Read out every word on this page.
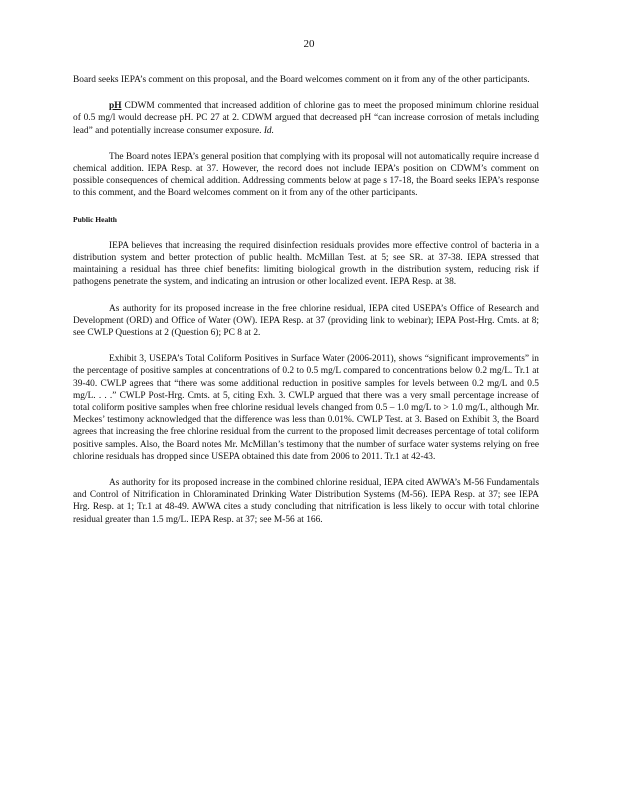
20

Board seeks IEPA’s comment on this proposal, and the Board welcomes comment on it from any of the other participants.

pH CDWM commented that increased addition of chlorine gas to meet the proposed minimum chlorine residual of 0.5 mg/l would decrease pH. PC 27 at 2. CDWM argued that decreased pH “can increase corrosion of metals including lead” and potentially increase consumer exposure. Id.

The Board notes IEPA’s general position that complying with its proposal will not automatically require increase d chemical addition. IEPA Resp. at 37. However, the record does not include IEPA’s position on CDWM’s comment on possible consequences of chemical addition. Addressing comments below at page s 17-18, the Board seeks IEPA’s response to this comment, and the Board welcomes comment on it from any of the other participants.

Public Health

IEPA believes that increasing the required disinfection residuals provides more effective control of bacteria in a distribution system and better protection of public health. McMillan Test. at 5; see SR. at 37-38. IEPA stressed that maintaining a residual has three chief benefits: limiting biological growth in the distribution system, reducing risk if pathogens penetrate the system, and indicating an intrusion or other localized event. IEPA Resp. at 38.

As authority for its proposed increase in the free chlorine residual, IEPA cited USEPA’s Office of Research and Development (ORD) and Office of Water (OW). IEPA Resp. at 37 (providing link to webinar); IEPA Post-Hrg. Cmts. at 8; see CWLP Questions at 2 (Question 6); PC 8 at 2.

Exhibit 3, USEPA’s Total Coliform Positives in Surface Water (2006-2011), shows “significant improvements” in the percentage of positive samples at concentrations of 0.2 to 0.5 mg/L compared to concentrations below 0.2 mg/L. Tr.1 at 39-40. CWLP agrees that “there was some additional reduction in positive samples for levels between 0.2 mg/L and 0.5 mg/L. . . .” CWLP Post-Hrg. Cmts. at 5, citing Exh. 3. CWLP argued that there was a very small percentage increase of total coliform positive samples when free chlorine residual levels changed from 0.5 – 1.0 mg/L to > 1.0 mg/L, although Mr. Meckes’ testimony acknowledged that the difference was less than 0.01%. CWLP Test. at 3. Based on Exhibit 3, the Board agrees that increasing the free chlorine residual from the current to the proposed limit decreases percentage of total coliform positive samples. Also, the Board notes Mr. McMillan’s testimony that the number of surface water systems relying on free chlorine residuals has dropped since USEPA obtained this date from 2006 to 2011. Tr.1 at 42-43.

As authority for its proposed increase in the combined chlorine residual, IEPA cited AWWA’s M-56 Fundamentals and Control of Nitrification in Chloraminated Drinking Water Distribution Systems (M-56). IEPA Resp. at 37; see IEPA Hrg. Resp. at 1; Tr.1 at 48-49. AWWA cites a study concluding that nitrification is less likely to occur with total chlorine residual greater than 1.5 mg/L. IEPA Resp. at 37; see M-56 at 166.
